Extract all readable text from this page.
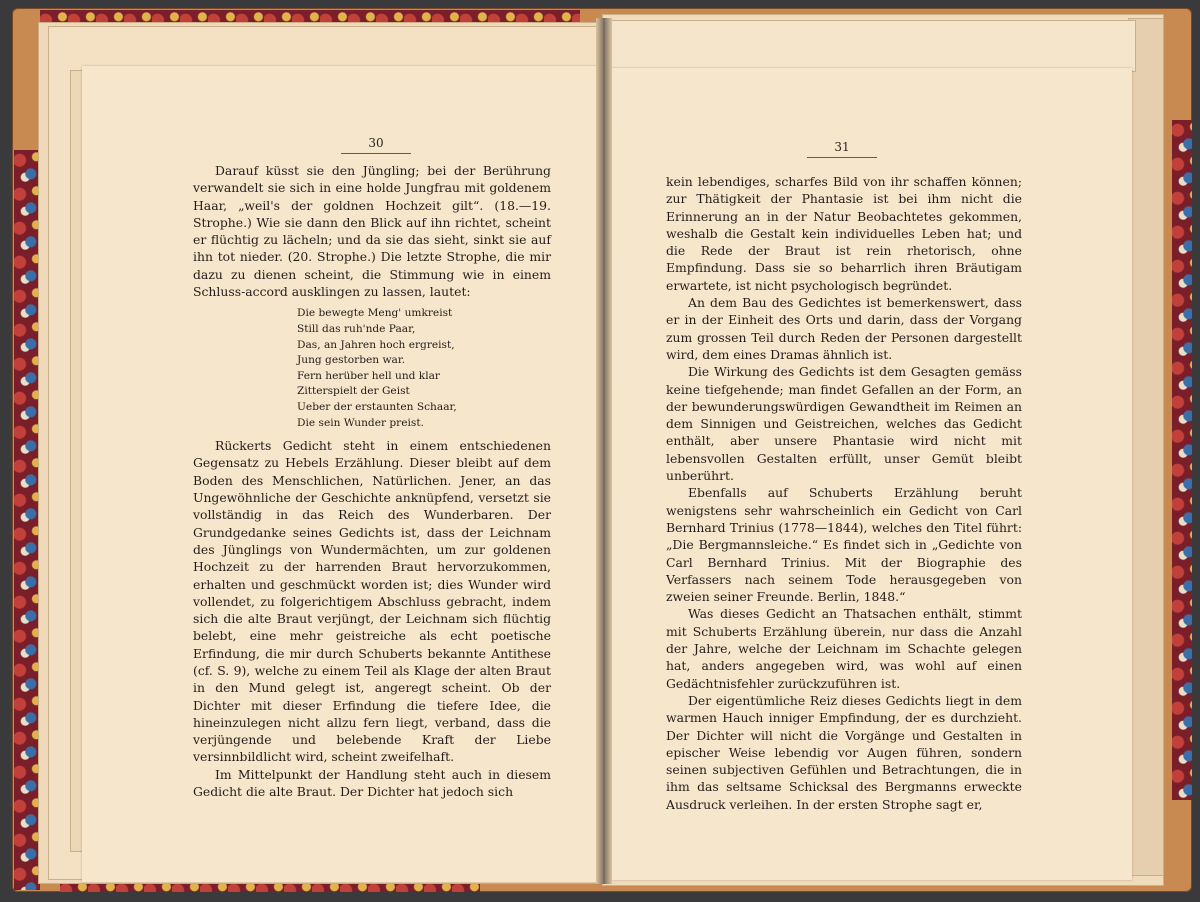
30	31

Darauf küsst sie den Jüngling; bei der Berührung verwandelt sie sich in eine holde Jungfrau mit goldenem Haar, „weil's der goldnen Hochzeit gilt“. (18.—19. Strophe.) Wie sie dann den Blick auf ihn richtet, scheint er flüchtig zu lächeln; und da sie das sieht, sinkt sie auf ihn tot nieder. (20. Strophe.) Die letzte Strophe, die mir dazu zu dienen scheint, die Stimmung wie in einem Schluss-accord ausklingen zu lassen, lautet:

Die bewegte Meng' umkreist
Still das ruh'nde Paar,
Das, an Jahren hoch ergreist,
Jung gestorben war.
Fern herüber hell und klar
Zitterspielt der Geist
Ueber der erstaunten Schaar,
Die sein Wunder preist.

Rückerts Gedicht steht in einem entschiedenen Gegensatz zu Hebels Erzählung. Dieser bleibt auf dem Boden des Menschlichen, Natürlichen. Jener, an das Ungewöhnliche der Geschichte anknüpfend, versetzt sie vollständig in das Reich des Wunderbaren. Der Grundgedanke seines Gedichts ist, dass der Leichnam des Jünglings von Wundermächten, um zur goldenen Hochzeit zu der harrenden Braut hervorzukommen, erhalten und geschmückt worden ist; dies Wunder wird vollendet, zu folgerichtigem Abschluss gebracht, indem sich die alte Braut verjüngt, der Leichnam sich flüchtig belebt, eine mehr geistreiche als echt poetische Erfindung, die mir durch Schuberts bekannte Antithese (cf. S. 9), welche zu einem Teil als Klage der alten Braut in den Mund gelegt ist, angeregt scheint. Ob der Dichter mit dieser Erfindung die tiefere Idee, die hineinzulegen nicht allzu fern liegt, verband, dass die verjüngende und belebende Kraft der Liebe versinnbildlicht wird, scheint zweifelhaft.

Im Mittelpunkt der Handlung steht auch in diesem Gedicht die alte Braut. Der Dichter hat jedoch sich

kein lebendiges, scharfes Bild von ihr schaffen können; zur Thätigkeit der Phantasie ist bei ihm nicht die Erinnerung an in der Natur Beobachtetes gekommen, weshalb die Gestalt kein individuelles Leben hat; und die Rede der Braut ist rein rhetorisch, ohne Empfindung. Dass sie so beharrlich ihren Bräutigam erwartete, ist nicht psychologisch begründet.

An dem Bau des Gedichtes ist bemerkenswert, dass er in der Einheit des Orts und darin, dass der Vorgang zum grossen Teil durch Reden der Personen dargestellt wird, dem eines Dramas ähnlich ist.

Die Wirkung des Gedichts ist dem Gesagten gemäss keine tiefgehende; man findet Gefallen an der Form, an der bewunderungswürdigen Gewandtheit im Reimen an dem Sinnigen und Geistreichen, welches das Gedicht enthält, aber unsere Phantasie wird nicht mit lebensvollen Gestalten erfüllt, unser Gemüt bleibt unberührt.

Ebenfalls auf Schuberts Erzählung beruht wenigstens sehr wahrscheinlich ein Gedicht von Carl Bernhard Trinius (1778—1844), welches den Titel führt: „Die Bergmannsleiche.“ Es findet sich in „Gedichte von Carl Bernhard Trinius. Mit der Biographie des Verfassers nach seinem Tode herausgegeben von zweien seiner Freunde. Berlin, 1848.“

Was dieses Gedicht an Thatsachen enthält, stimmt mit Schuberts Erzählung überein, nur dass die Anzahl der Jahre, welche der Leichnam im Schachte gelegen hat, anders angegeben wird, was wohl auf einen Gedächtnisfehler zurückzuführen ist.

Der eigentümliche Reiz dieses Gedichts liegt in dem warmen Hauch inniger Empfindung, der es durchzieht. Der Dichter will nicht die Vorgänge und Gestalten in epischer Weise lebendig vor Augen führen, sondern seinen subjectiven Gefühlen und Betrachtungen, die in ihm das seltsame Schicksal des Bergmanns erweckte Ausdruck verleihen. In der ersten Strophe sagt er,
